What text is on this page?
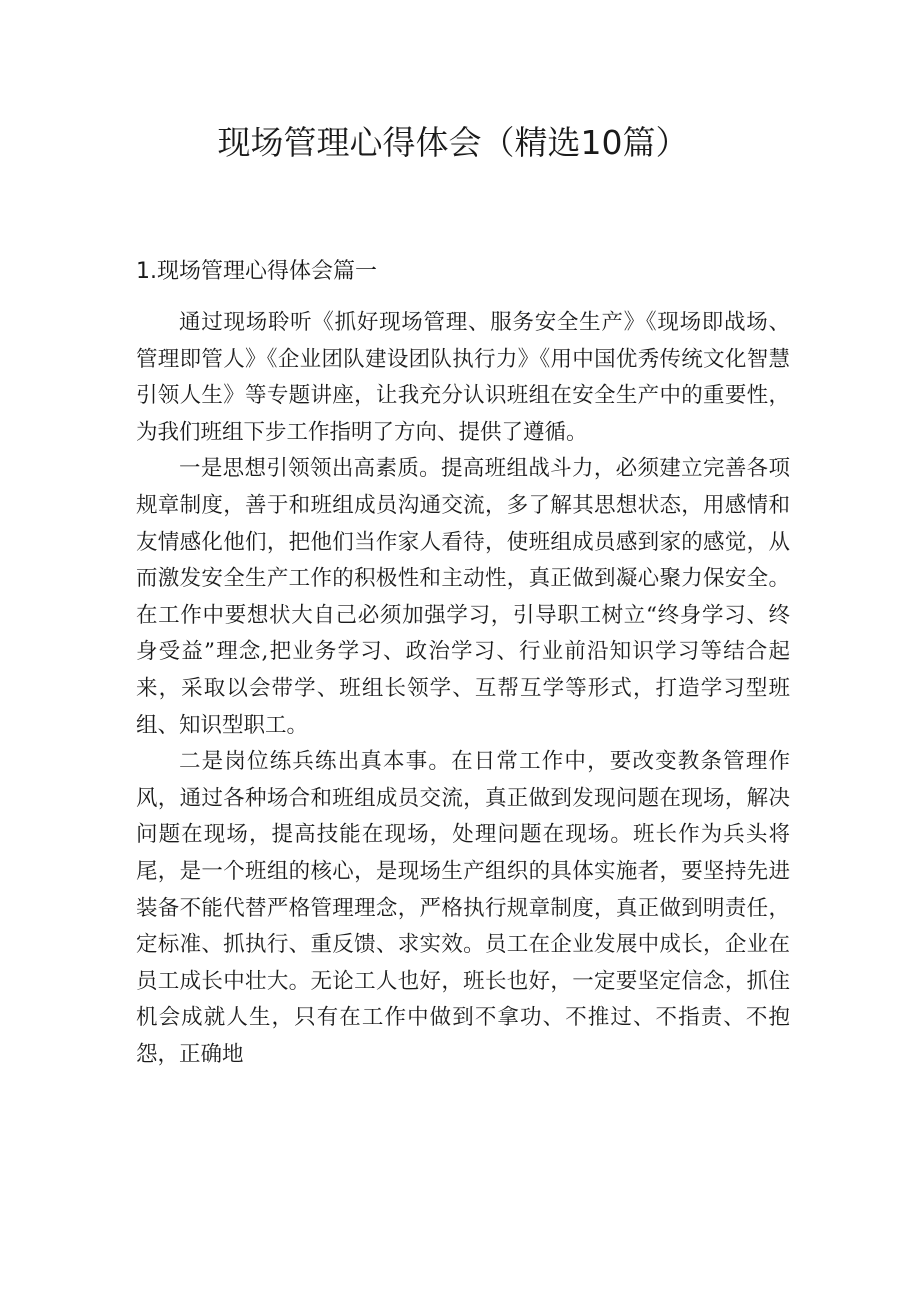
现场管理心得体会（精选10篇）
1.现场管理心得体会篇一

通过现场聆听《抓好现场管理、服务安全生产》《现场即战场、管理即管人》《企业团队建设团队执行力》《用中国优秀传统文化智慧引领人生》等专题讲座，让我充分认识班组在安全生产中的重要性，为我们班组下步工作指明了方向、提供了遵循。

一是思想引领领出高素质。提高班组战斗力，必须建立完善各项规章制度，善于和班组成员沟通交流，多了解其思想状态，用感情和友情感化他们，把他们当作家人看待，使班组成员感到家的感觉，从而激发安全生产工作的积极性和主动性，真正做到凝心聚力保安全。在工作中要想状大自己必须加强学习，引导职工树立“终身学习、终身受益”理念,把业务学习、政治学习、行业前沿知识学习等结合起来，采取以会带学、班组长领学、互帮互学等形式，打造学习型班组、知识型职工。

二是岗位练兵练出真本事。在日常工作中，要改变教条管理作风，通过各种场合和班组成员交流，真正做到发现问题在现场，解决问题在现场，提高技能在现场，处理问题在现场。班长作为兵头将尾，是一个班组的核心，是现场生产组织的具体实施者，要坚持先进装备不能代替严格管理理念，严格执行规章制度，真正做到明责任，定标准、抓执行、重反馈、求实效。员工在企业发展中成长，企业在员工成长中壮大。无论工人也好，班长也好，一定要坚定信念，抓住机会成就人生，只有在工作中做到不拿功、不推过、不指责、不抱怨，正确地
